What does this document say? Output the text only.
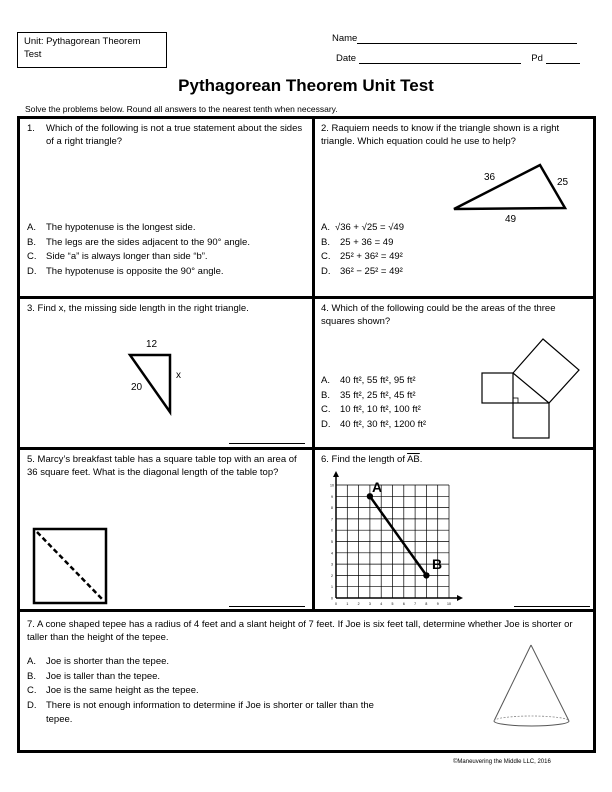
Unit: Pythagorean Theorem
Test
Name
Date	Pd
Pythagorean Theorem Unit Test
Solve the problems below. Round all answers to the nearest tenth when necessary.
1.	Which of the following is not a true statement about the sides of a right triangle?
A.	The hypotenuse is the longest side.
B.	The legs are the sides adjacent to the 90° angle.
C.	Side “a” is always longer than side “b”.
D.	The hypotenuse is opposite the 90° angle.
2. Raquiem needs to know if the triangle shown is a right triangle. Which equation could he use to help?
36	25
49
A. √36 + √25 = √49
B.	25 + 36 = 49
C.	25² + 36² = 49²
D.	36² − 25² = 49²
3. Find x, the missing side length in the right triangle.
12
20
x
4. Which of the following could be the areas of the three squares shown?
A.	40 ft², 55 ft², 95 ft²
B.	35 ft², 25 ft², 45 ft²
C.	10 ft², 10 ft², 100 ft²
D.	40 ft², 30 ft², 1200 ft²
5. Marcy’s breakfast table has a square table top with an area of 36 square feet. What is the diagonal length of the table top?
6. Find the length of $\overline{AB}$.
0
0
1
1
2
2
3
3
4
4
5
5
6
6
7
7
8
8
9
9
10
10	A
B
7. A cone shaped tepee has a radius of 4 feet and a slant height of 7 feet. If Joe is six feet tall, determine whether Joe is shorter or taller than the height of the tepee.
A.	Joe is shorter than the tepee.
B.	Joe is taller than the tepee.
C.	Joe is the same height as the tepee.
D.	There is not enough information to determine if Joe is shorter or taller than the tepee.
©Maneuvering the Middle LLC, 2016
